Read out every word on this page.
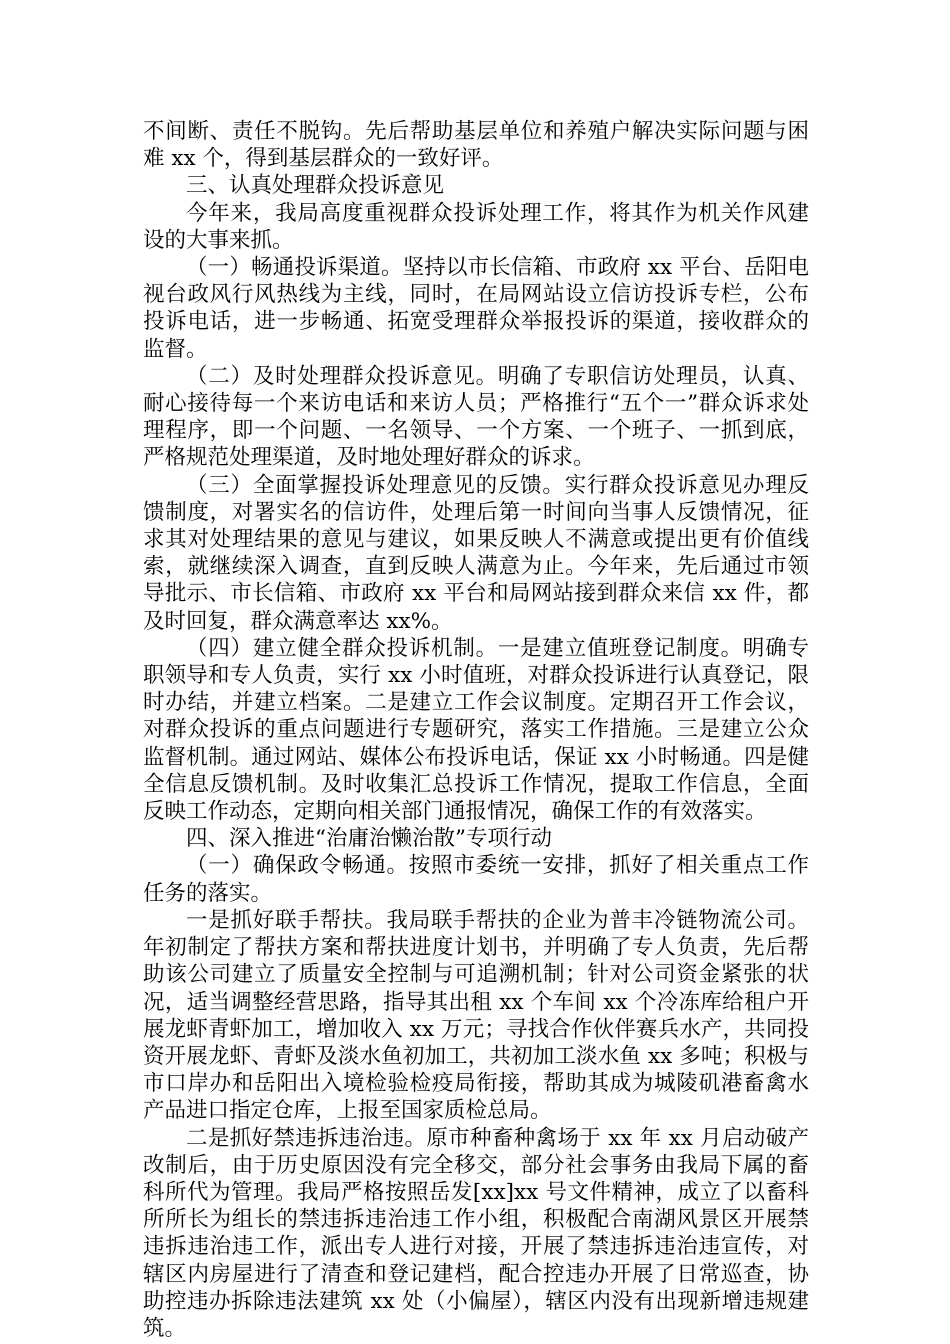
不间断、责任不脱钩。先后帮助基层单位和养殖户解决实际问题与困难 xx 个，得到基层群众的一致好评。

三、认真处理群众投诉意见

今年来，我局高度重视群众投诉处理工作，将其作为机关作风建设的大事来抓。

（一）畅通投诉渠道。坚持以市长信箱、市政府 xx 平台、岳阳电视台政风行风热线为主线，同时，在局网站设立信访投诉专栏，公布投诉电话，进一步畅通、拓宽受理群众举报投诉的渠道，接收群众的监督。

（二）及时处理群众投诉意见。明确了专职信访处理员，认真、耐心接待每一个来访电话和来访人员；严格推行“五个一”群众诉求处理程序，即一个问题、一名领导、一个方案、一个班子、一抓到底，严格规范处理渠道，及时地处理好群众的诉求。

（三）全面掌握投诉处理意见的反馈。实行群众投诉意见办理反馈制度，对署实名的信访件，处理后第一时间向当事人反馈情况，征求其对处理结果的意见与建议，如果反映人不满意或提出更有价值线索，就继续深入调查，直到反映人满意为止。今年来，先后通过市领导批示、市长信箱、市政府 xx 平台和局网站接到群众来信 xx 件，都及时回复，群众满意率达 xx%。

（四）建立健全群众投诉机制。一是建立值班登记制度。明确专职领导和专人负责，实行 xx 小时值班，对群众投诉进行认真登记，限时办结，并建立档案。二是建立工作会议制度。定期召开工作会议，对群众投诉的重点问题进行专题研究，落实工作措施。三是建立公众监督机制。通过网站、媒体公布投诉电话，保证 xx 小时畅通。四是健全信息反馈机制。及时收集汇总投诉工作情况，提取工作信息，全面反映工作动态，定期向相关部门通报情况，确保工作的有效落实。

四、深入推进“治庸治懒治散”专项行动

（一）确保政令畅通。按照市委统一安排，抓好了相关重点工作任务的落实。

一是抓好联手帮扶。我局联手帮扶的企业为普丰冷链物流公司。年初制定了帮扶方案和帮扶进度计划书，并明确了专人负责，先后帮助该公司建立了质量安全控制与可追溯机制；针对公司资金紧张的状况，适当调整经营思路，指导其出租 xx 个车间 xx 个冷冻库给租户开展龙虾青虾加工，增加收入 xx 万元；寻找合作伙伴赛兵水产，共同投资开展龙虾、青虾及淡水鱼初加工，共初加工淡水鱼 xx 多吨；积极与市口岸办和岳阳出入境检验检疫局衔接，帮助其成为城陵矶港畜禽水产品进口指定仓库，上报至国家质检总局。

二是抓好禁违拆违治违。原市种畜种禽场于 xx 年 xx 月启动破产改制后，由于历史原因没有完全移交，部分社会事务由我局下属的畜科所代为管理。我局严格按照岳发[xx]xx 号文件精神，成立了以畜科所所长为组长的禁违拆违治违工作小组，积极配合南湖风景区开展禁违拆违治违工作，派出专人进行对接，开展了禁违拆违治违宣传，对辖区内房屋进行了清查和登记建档，配合控违办开展了日常巡查，协助控违办拆除违法建筑 xx 处（小偏屋），辖区内没有出现新增违规建筑。
